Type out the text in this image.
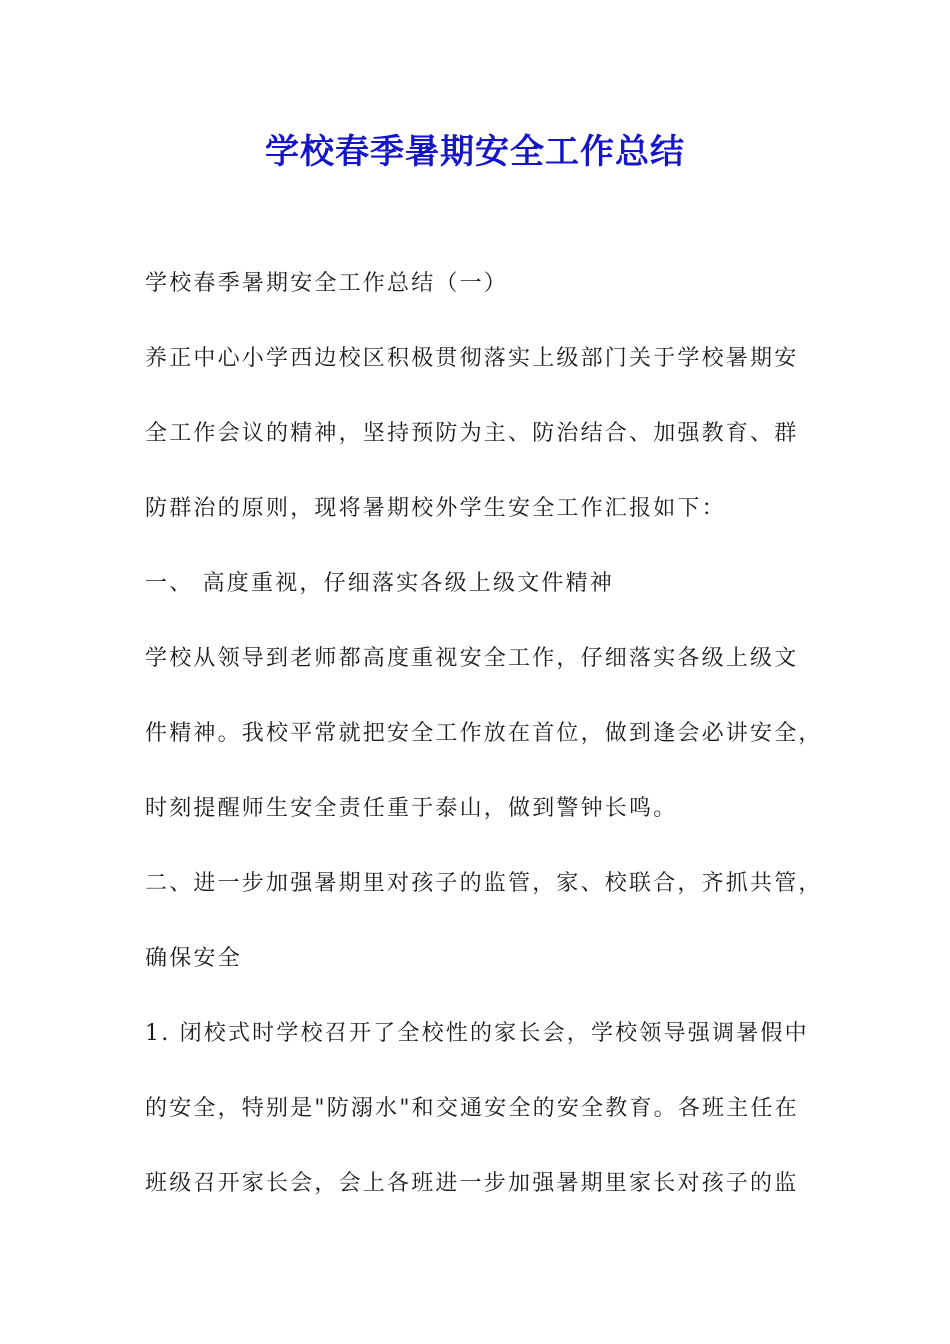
学校春季暑期安全工作总结
学校春季暑期安全工作总结（一）
养正中心小学西边校区积极贯彻落实上级部门关于学校暑期安
全工作会议的精神，坚持预防为主、防治结合、加强教育、群
防群治的原则，现将暑期校外学生安全工作汇报如下：
一、 高度重视，仔细落实各级上级文件精神
学校从领导到老师都高度重视安全工作，仔细落实各级上级文
件精神。我校平常就把安全工作放在首位，做到逢会必讲安全，
时刻提醒师生安全责任重于泰山，做到警钟长鸣。
二、进一步加强暑期里对孩子的监管，家、校联合，齐抓共管，
确保安全
1. 闭校式时学校召开了全校性的家长会，学校领导强调暑假中
的安全，特别是"防溺水"和交通安全的安全教育。各班主任在
班级召开家长会，会上各班进一步加强暑期里家长对孩子的监
